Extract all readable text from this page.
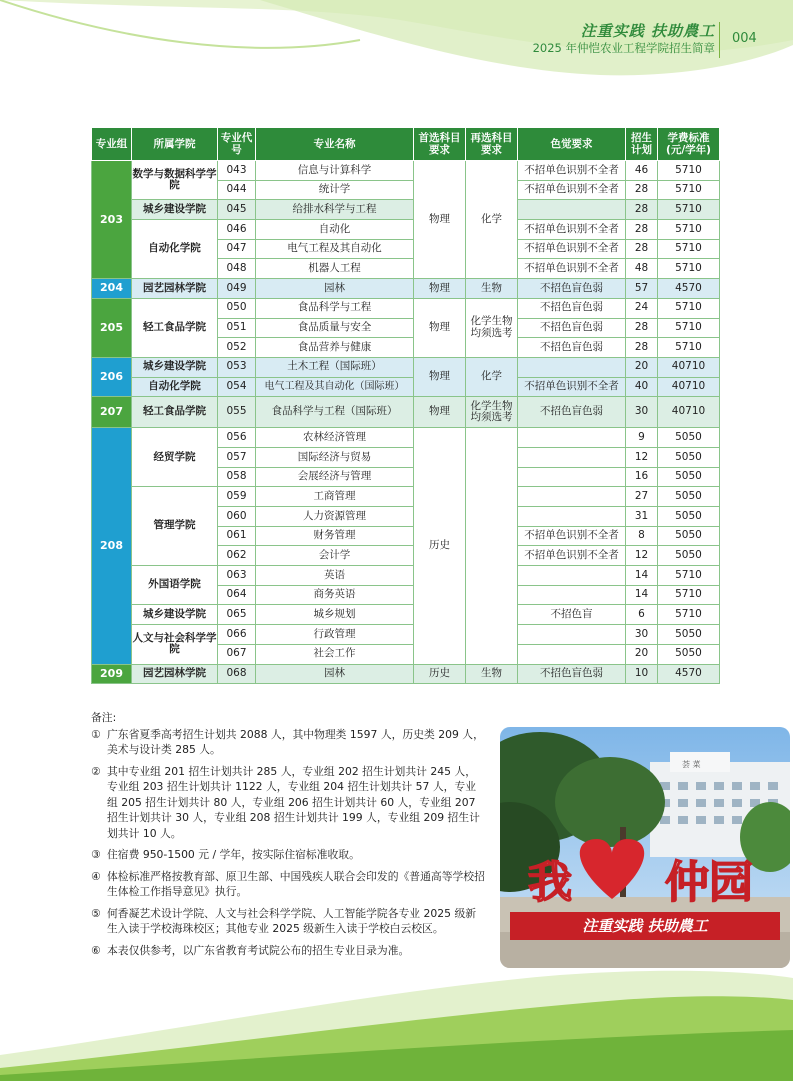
注重实践 扶助農工
2025 年仲恺农业工程学院招生简章
004
专业组	所属学院	专业代号	专业名称	首选科目要求	再选科目要求	色觉要求	招生计划	学费标准(元/学年)
203	数学与数据科学学院	043	信息与计算科学	物理	化学	不招单色识别不全者	46	5710
		044	统计学			不招单色识别不全者	28	5710
	城乡建设学院	045	给排水科学与工程				28	5710
	自动化学院	046	自动化			不招单色识别不全者	28	5710
		047	电气工程及其自动化			不招单色识别不全者	28	5710
		048	机器人工程			不招单色识别不全者	48	5710
204	园艺园林学院	049	园林	物理	生物	不招色盲色弱	57	4570
205	轻工食品学院	050	食品科学与工程	物理	化学生物均须选考	不招色盲色弱	24	5710
		051	食品质量与安全			不招色盲色弱	28	5710
		052	食品营养与健康			不招色盲色弱	28	5710
206	城乡建设学院	053	土木工程（国际班）	物理	化学		20	40710
	自动化学院	054	电气工程及其自动化（国际班）			不招单色识别不全者	40	40710
207	轻工食品学院	055	食品科学与工程（国际班）	物理	化学生物均须选考	不招色盲色弱	30	40710
208	经贸学院	056	农林经济管理	历史			9	5050
		057	国际经济与贸易				12	5050
		058	会展经济与管理				16	5050
	管理学院	059	工商管理				27	5050
		060	人力资源管理				31	5050
		061	财务管理			不招单色识别不全者	8	5050
		062	会计学			不招单色识别不全者	12	5050
	外国语学院	063	英语				14	5710
		064	商务英语				14	5710
	城乡建设学院	065	城乡规划			不招色盲	6	5710
	人文与社会科学学院	066	行政管理				30	5050
		067	社会工作				20	5050
209	园艺园林学院	068	园林	历史	生物	不招色盲色弱	10	4570
备注:
① 广东省夏季高考招生计划共 2088 人，其中物理类 1597 人，历史类 209 人，美术与设计类 285 人。
② 其中专业组 201 招生计划共计 285 人，专业组 202 招生计划共计 245 人，专业组 203 招生计划共计 1122 人，专业组 204 招生计划共计 57 人，专业组 205 招生计划共计 80 人，专业组 206 招生计划共计 60 人，专业组 207 招生计划共计 30 人，专业组 208 招生计划共计 199 人，专业组 209 招生计划共计 10 人。
③ 住宿费 950-1500 元 / 学年，按实际住宿标准收取。
④ 体检标准严格按教育部、原卫生部、中国残疾人联合会印发的《普通高等学校招生体检工作指导意见》执行。
⑤ 何香凝艺术设计学院、人文与社会科学学院、人工智能学院各专业 2025 级新生入读于学校海珠校区；其他专业 2025 级新生入读于学校白云校区。
⑥ 本表仅供参考，以广东省教育考试院公布的招生专业目录为准。
荟 菜
注重实践 扶助農工
我 仲园
